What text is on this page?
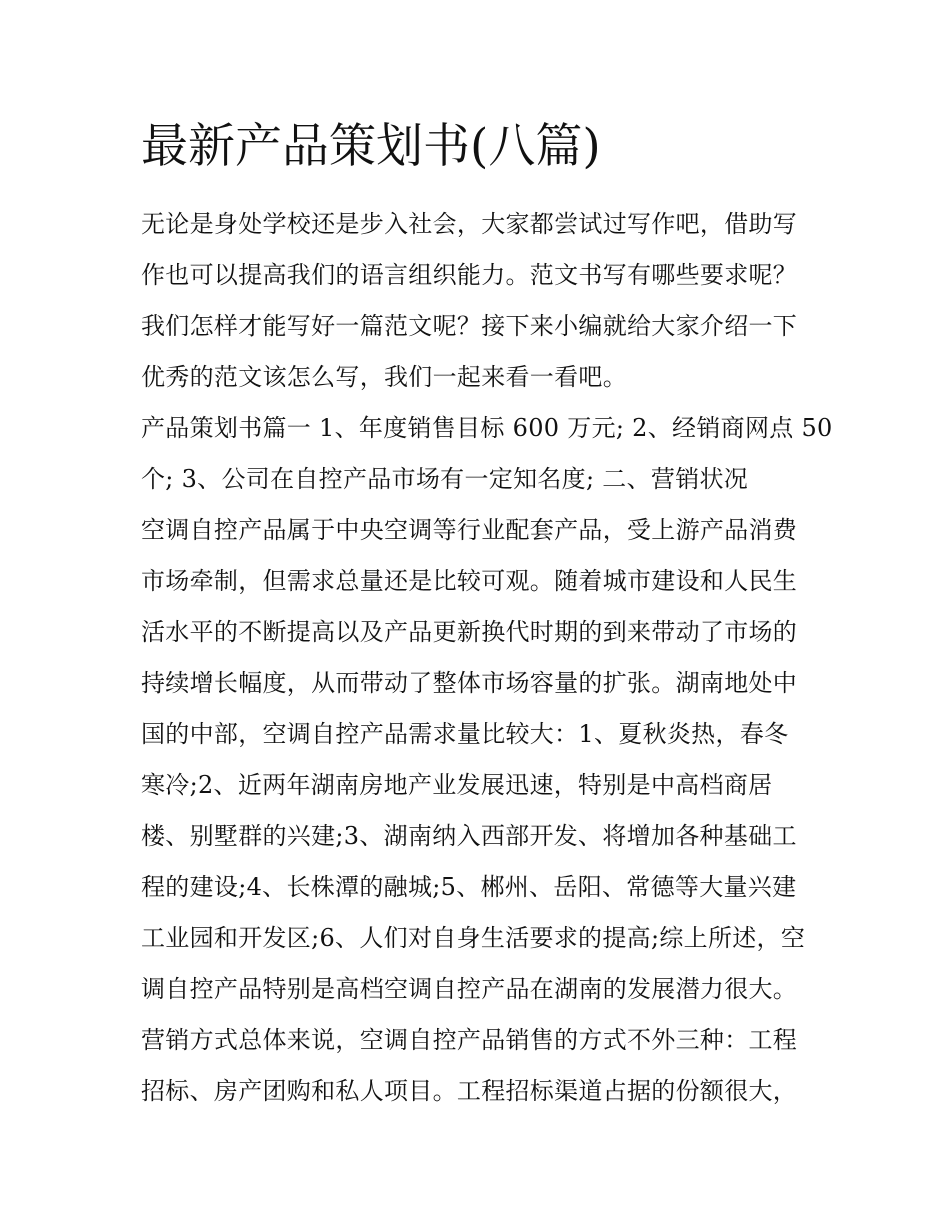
最新产品策划书(八篇)
无论是身处学校还是步入社会，大家都尝试过写作吧，借助写
作也可以提高我们的语言组织能力。范文书写有哪些要求呢？
我们怎样才能写好一篇范文呢？接下来小编就给大家介绍一下
优秀的范文该怎么写，我们一起来看一看吧。
产品策划书篇一 1、年度销售目标 600 万元; 2、经销商网点 50
个; 3、公司在自控产品市场有一定知名度; 二、营销状况
空调自控产品属于中央空调等行业配套产品，受上游产品消费
市场牵制，但需求总量还是比较可观。随着城市建设和人民生
活水平的不断提高以及产品更新换代时期的到来带动了市场的
持续增长幅度，从而带动了整体市场容量的扩张。湖南地处中
国的中部，空调自控产品需求量比较大：1、夏秋炎热，春冬
寒冷;2、近两年湖南房地产业发展迅速，特别是中高档商居
楼、别墅群的兴建;3、湖南纳入西部开发、将增加各种基础工
程的建设;4、长株潭的融城;5、郴州、岳阳、常德等大量兴建
工业园和开发区;6、人们对自身生活要求的提高;综上所述，空
调自控产品特别是高档空调自控产品在湖南的发展潜力很大。
营销方式总体来说，空调自控产品销售的方式不外三种：工程
招标、房产团购和私人项目。工程招标渠道占据的份额很大，
